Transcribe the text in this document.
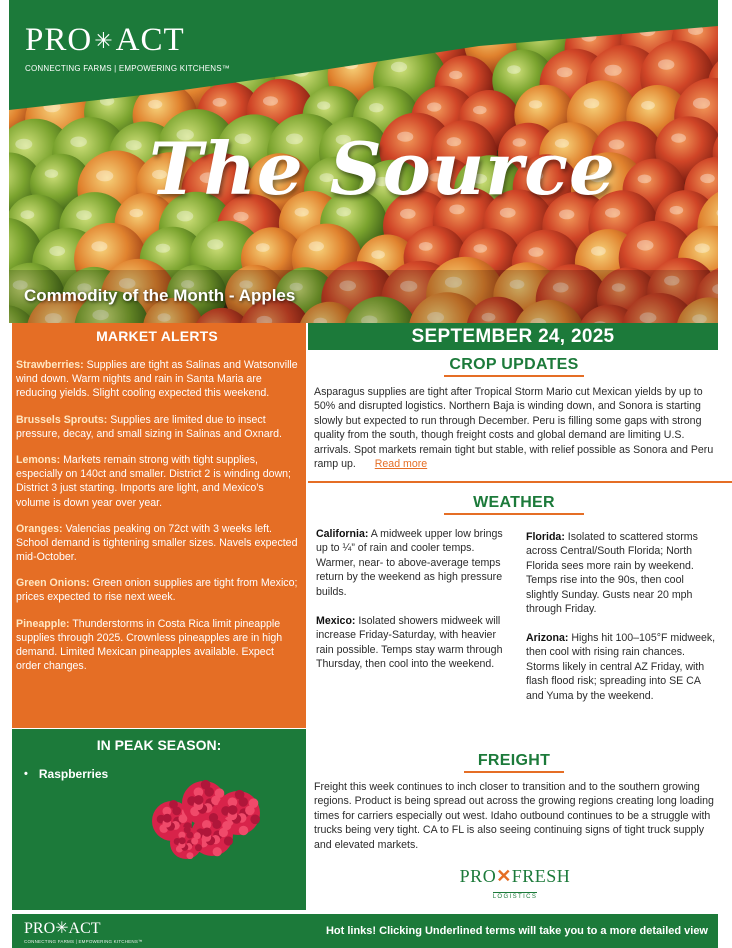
PRO ✳ ACT
CONNECTING FARMS | EMPOWERING KITCHENS™
The Source
Commodity of the Month - Apples
MARKET ALERTS

Strawberries: Supplies are tight as Salinas and Watsonville wind down. Warm nights and rain in Santa Maria are reducing yields. Slight cooling expected this weekend.

Brussels Sprouts: Supplies are limited due to insect pressure, decay, and small sizing in Salinas and Oxnard.

Lemons: Markets remain strong with tight supplies, especially on 140ct and smaller. District 2 is winding down; District 3 just starting. Imports are light, and Mexico’s volume is down year over year.

Oranges: Valencias peaking on 72ct with 3 weeks left. School demand is tightening smaller sizes. Navels expected mid-October.

Green Onions: Green onion supplies are tight from Mexico; prices expected to rise next week.

Pineapple: Thunderstorms in Costa Rica limit pineapple supplies through 2025. Crownless pineapples are in high demand. Limited Mexican pineapples available. Expect order changes.

IN PEAK SEASON:
• Raspberries
SEPTEMBER 24, 2025
CROP UPDATES
Asparagus supplies are tight after Tropical Storm Mario cut Mexican yields by up to 50% and disrupted logistics. Northern Baja is winding down, and Sonora is starting slowly but expected to run through December. Peru is filling some gaps with strong quality from the south, though freight costs and global demand are limiting U.S. arrivals. Spot markets remain tight but stable, with relief possible as Sonora and Peru ramp up. Read more
WEATHER
California: A midweek upper low brings up to ¼” of rain and cooler temps. Warmer, near- to above-average temps return by the weekend as high pressure builds.
Mexico: Isolated showers midweek will increase Friday-Saturday, with heavier rain possible. Temps stay warm through Thursday, then cool into the weekend.
Florida: Isolated to scattered storms across Central/South Florida; North Florida sees more rain by weekend. Temps rise into the 90s, then cool slightly Sunday. Gusts near 20 mph through Friday.
Arizona: Highs hit 100–105°F midweek, then cool with rising rain chances. Storms likely in central AZ Friday, with flash flood risk; spreading into SE CA and Yuma by the weekend.
FREIGHT
Freight this week continues to inch closer to transition and to the southern growing regions. Product is being spread out across the growing regions creating long loading times for carriers especially out west. Idaho outbound continues to be a struggle with trucks being very tight. CA to FL is also seeing continuing signs of tight truck supply and elevated markets.
PRO✕FRESH
LOGISTICS
PRO✳ACT
CONNECTING FARMS | EMPOWERING KITCHENS™
Hot links! Clicking Underlined terms will take you to a more detailed view
